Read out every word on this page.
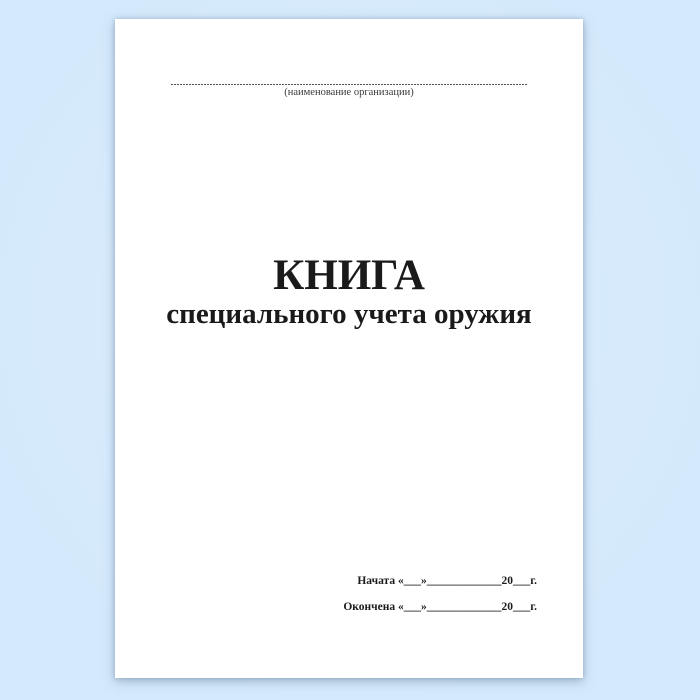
(наименование организации)
КНИГА
специального учета оружия
Начата «___»_____________20___г.
Окончена «___»_____________20___г.
